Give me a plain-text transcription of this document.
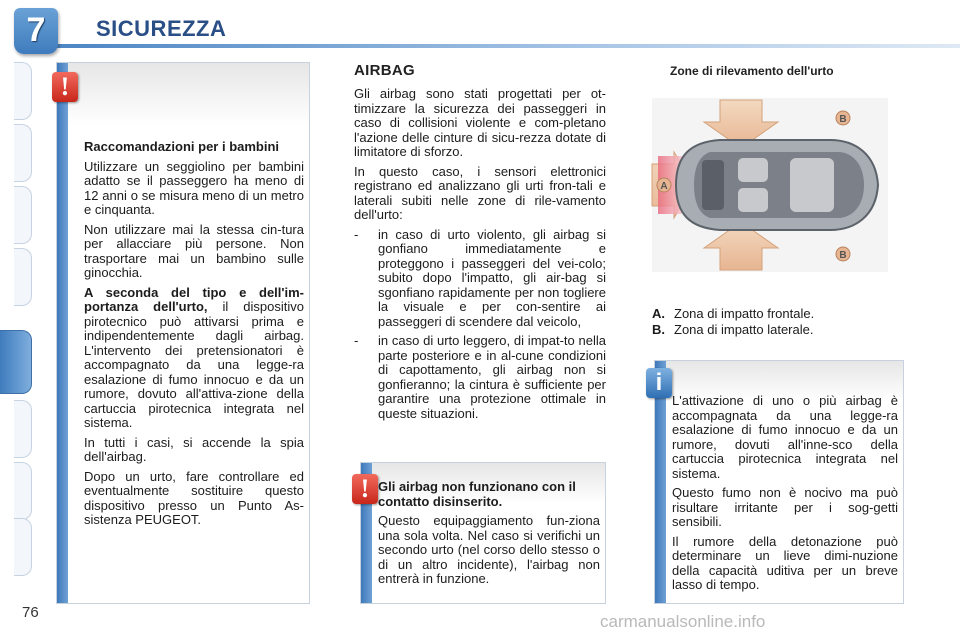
7	SICUREZZA
!

Raccomandazioni per i bambini

Utilizzare un seggiolino per bambini adatto se il passeggero ha meno di 12 anni o se misura meno di un metro e cinquanta.

Non utilizzare mai la stessa cin-tura per allacciare più persone. Non trasportare mai un bambino sulle ginocchia.

A seconda del tipo e dell'im-portanza dell'urto, il dispositivo pirotecnico può attivarsi prima e indipendentemente dagli airbag. L'intervento dei pretensionatori è accompagnato da una legge-ra esalazione di fumo innocuo e da un rumore, dovuto all'attiva-zione della cartuccia pirotecnica integrata nel sistema.

In tutti i casi, si accende la spia dell'airbag.

Dopo un urto, fare controllare ed eventualmente sostituire questo dispositivo presso un Punto As-sistenza PEUGEOT.

AIRBAG

Gli airbag sono stati progettati per ot-timizzare la sicurezza dei passeggeri in caso di collisioni violente e com-pletano l'azione delle cinture di sicu-rezza dotate di limitatore di sforzo.

In questo caso, i sensori elettronici registrano ed analizzano gli urti fron-tali e laterali subiti nelle zone di rile-vamento dell'urto:

-	in caso di urto violento, gli airbag si gonfiano immediatamente e proteggono i passeggeri del vei-colo; subito dopo l'impatto, gli air-bag si sgonfiano rapidamente per non togliere la visuale e per con-sentire ai passeggeri di scendere dal veicolo,
-	in caso di urto leggero, di impat-to nella parte posteriore e in al-cune condizioni di capottamento, gli airbag non si gonfieranno; la cintura è sufficiente per garantire una protezione ottimale in queste situazioni.
! Gli airbag non funzionano con il contatto disinserito.

Questo equipaggiamento fun-ziona una sola volta. Nel caso si verifichi un secondo urto (nel corso dello stesso o di un altro incidente), l'airbag non entrerà in funzione.

Zone di rilevamento dell'urto
A
B
B
A. Zona di impatto frontale.
B. Zona di impatto laterale.
i

L'attivazione di uno o più airbag è accompagnata da una legge-ra esalazione di fumo innocuo e da un rumore, dovuti all'inne-sco della cartuccia pirotecnica integrata nel sistema.

Questo fumo non è nocivo ma può risultare irritante per i sog-getti sensibili.

Il rumore della detonazione può determinare un lieve dimi-nuzione della capacità uditiva per un breve lasso di tempo.

76	carmanualsonline.info
